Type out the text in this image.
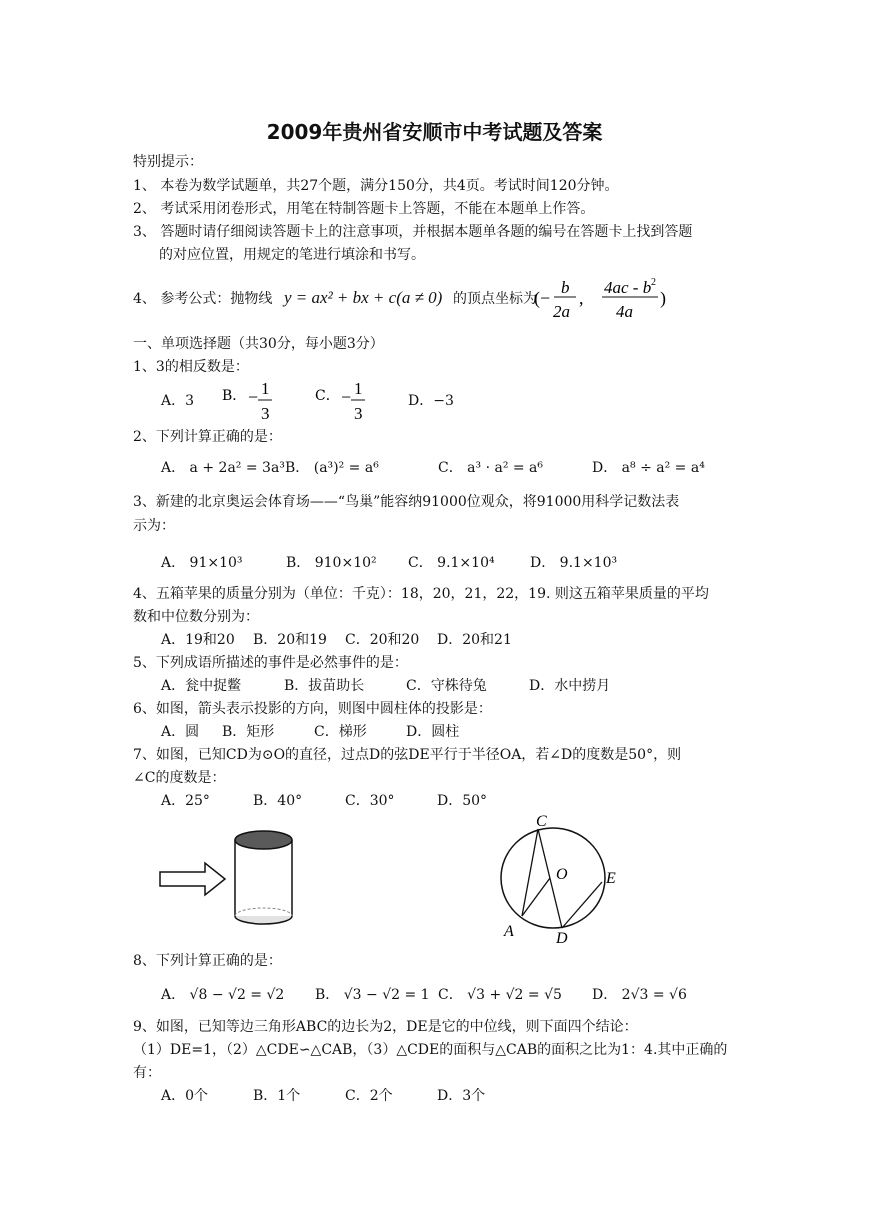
2009年贵州省安顺市中考试题及答案
特别提示：
1、 本卷为数学试题单，共27个题，满分150分，共4页。考试时间120分钟。
2、 考试采用闭卷形式，用笔在特制答题卡上答题，不能在本题单上作答。
3、 答题时请仔细阅读答题卡上的注意事项，并根据本题单各题的编号在答题卡上找到答题
的对应位置，用规定的笔进行填涂和书写。
4、 参考公式：抛物线 y = ax² + bx + c(a ≠ 0) 的顶点坐标为
(−
b
2a
,
4ac - b 2
4a
)
一、单项选择题（共30分，每小题3分）
1、3的相反数是：
A．3 B． − 1
3
C． − 1
3
D．−3
2、下列计算正确的是：
A． a + 2a² = 3a³ B． (a³)² = a⁶	C． a³ · a² = a⁶	D． a⁸ ÷ a² = a⁴
3、新建的北京奥运会体育场——“鸟巢”能容纳91000位观众，将91000用科学记数法表
示为：
A． 91×10³	B． 910×10² C． 9.1×10⁴	D． 9.1×10³
4、五箱苹果的质量分别为（单位：千克）：18，20，21，22，19. 则这五箱苹果质量的平均
数和中位数分别为：
A．19和20 B．20和19 C．20和20 D．20和21
5、下列成语所描述的事件是必然事件的是：
A．瓮中捉鳖	B．拔苗助长	C．守株待兔	D．水中捞月
6、如图，箭头表示投影的方向，则图中圆柱体的投影是：
A．圆 B．矩形	C．梯形	D．圆柱
7、如图，已知CD为⊙O的直径，过点D的弦DE平行于半径OA，若∠D的度数是50°，则
∠C的度数是：
A．25°	B．40°	C．30°	D．50°
C
O E
A	D
8、下列计算正确的是：
A． √8 − √2 = √2 B． √3 − √2 = 1 C． √3 + √2 = √5 D． 2√3 = √6
9、如图，已知等边三角形ABC的边长为2，DE是它的中位线，则下面四个结论：
（1）DE=1，（2）△CDE∽△CAB，（3）△CDE的面积与△CAB的面积之比为1：4.其中正确的
有：
A．0个	B．1个	C．2个	D．3个
